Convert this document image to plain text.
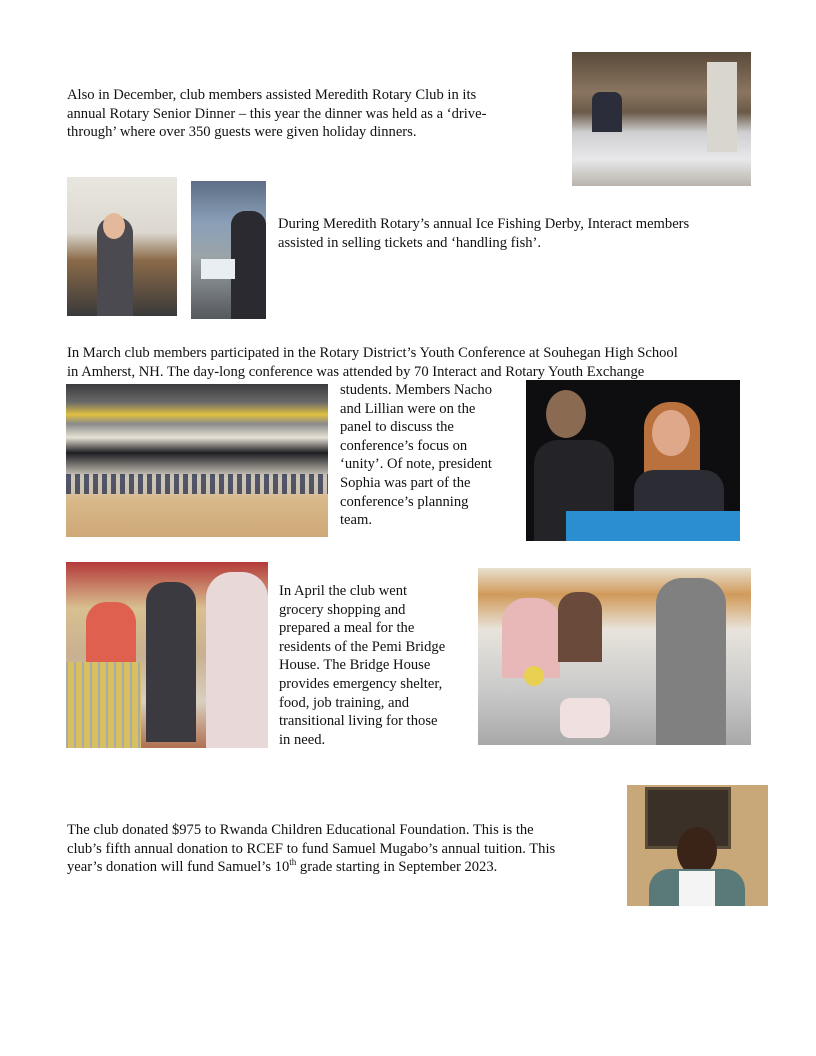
Also in December, club members assisted Meredith Rotary Club in its
annual Rotary Senior Dinner – this year the dinner was held as a ‘drive-
through’ where over 350 guests were given holiday dinners.
During Meredith Rotary’s annual Ice Fishing Derby, Interact members
assisted in selling tickets and ‘handling fish’.
In March club members participated in the Rotary District’s Youth Conference at Souhegan High School
in Amherst, NH. The day-long conference was attended by 70 Interact and Rotary Youth Exchange
students. Members Nacho
and Lillian were on the
panel to discuss the
conference’s focus on
‘unity’. Of note, president
Sophia was part of the
conference’s planning
team.
In April the club went
grocery shopping and
prepared a meal for the
residents of the Pemi Bridge
House. The Bridge House
provides emergency shelter,
food, job training, and
transitional living for those
in need.
The club donated $975 to Rwanda Children Educational Foundation. This is the
club’s fifth annual donation to RCEF to fund Samuel Mugabo’s annual tuition. This
year’s donation will fund Samuel’s 10th grade starting in September 2023.
